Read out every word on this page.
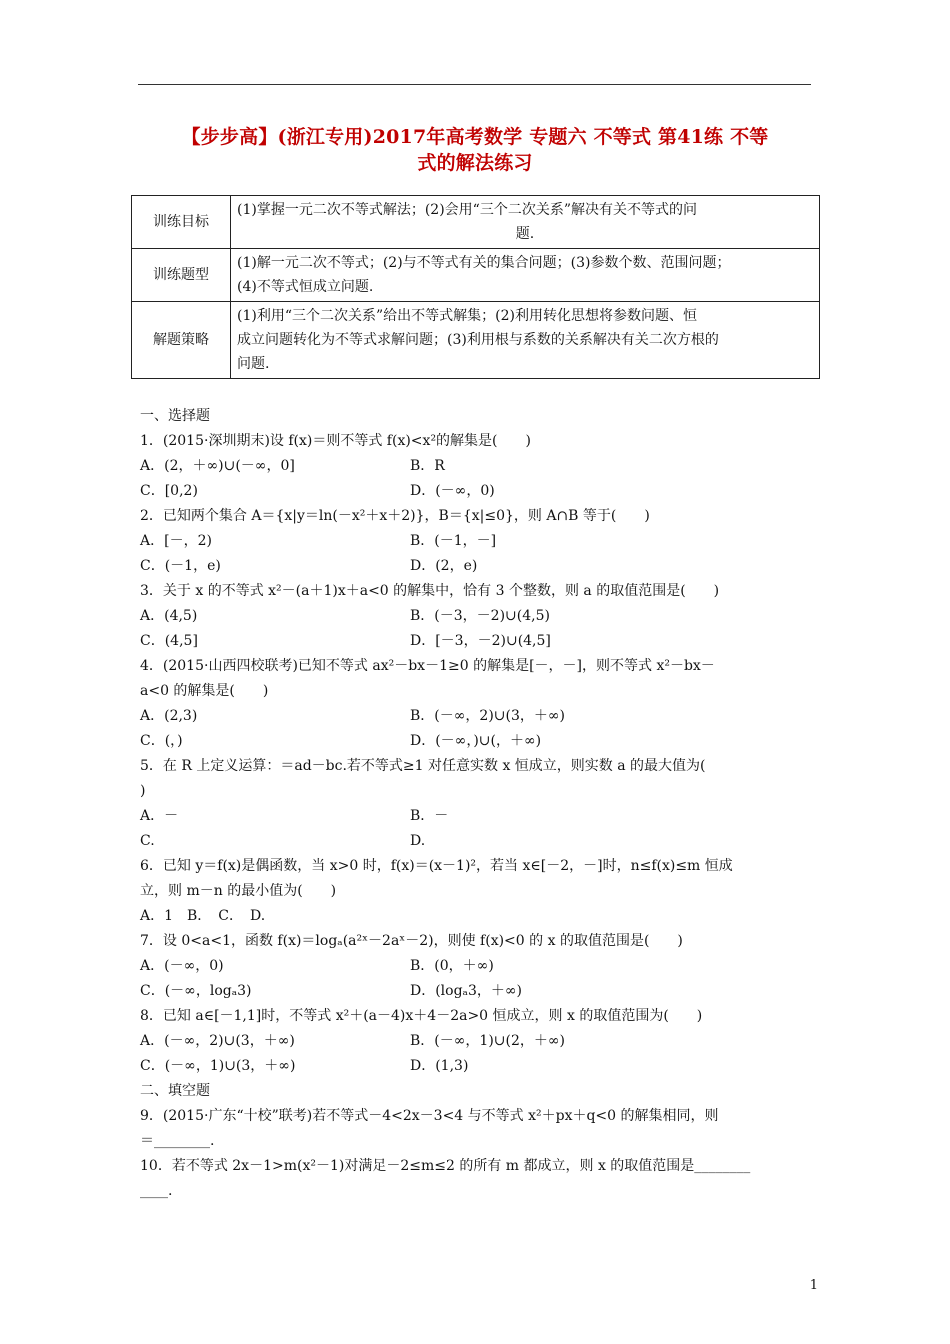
【步步高】(浙江专用)2017年高考数学 专题六 不等式 第41练 不等
式的解法练习
训练目标	(1)掌握一元二次不等式解法；(2)会用“三个二次关系”解决有关不等式的问
题.

训练题型	(1)解一元二次不等式；(2)与不等式有关的集合问题；(3)参数个数、范围问题；
(4)不等式恒成立问题.

解题策略	(1)利用“三个二次关系”给出不等式解集；(2)利用转化思想将参数问题、恒
成立问题转化为不等式求解问题；(3)利用根与系数的关系解决有关二次方根的
问题.
一、选择题
1．(2015·深圳期末)设 f(x)＝则不等式 f(x)<x²的解集是(　　)
A．(2，＋∞)∪(－∞，0]	B．R
C．[0,2)	D．(－∞，0)
2．已知两个集合 A＝{x|y＝ln(－x²＋x＋2)}，B＝{x|≤0}，则 A∩B 等于(　　)
A．[－，2)	B．(－1，－]
C．(－1，e)	D．(2，e)
3．关于 x 的不等式 x²－(a＋1)x＋a<0 的解集中，恰有 3 个整数，则 a 的取值范围是(　　)
A．(4,5)	B．(－3，－2)∪(4,5)
C．(4,5]	D．[－3，－2)∪(4,5]
4．(2015·山西四校联考)已知不等式 ax²－bx－1≥0 的解集是[－，－]，则不等式 x²－bx－
a<0 的解集是(　　)
A．(2,3)	B．(－∞，2)∪(3，＋∞)
C．(，)	D．(－∞，)∪(，＋∞)
5．在 R 上定义运算：＝ad－bc.若不等式≥1 对任意实数 x 恒成立，则实数 a 的最大值为(
)
A．－	B．－
C.	D.
6．已知 y＝f(x)是偶函数，当 x>0 时，f(x)＝(x－1)²，若当 x∈[－2，－]时，n≤f(x)≤m 恒成
立，则 m－n 的最小值为(　　)
A．1　B．　C．　D.
7．设 0<a<1，函数 f(x)＝logₐ(a²ˣ－2aˣ－2)，则使 f(x)<0 的 x 的取值范围是(　　)
A．(－∞，0)	B．(0，＋∞)
C．(－∞，logₐ3)	D．(logₐ3，＋∞)
8．已知 a∈[－1,1]时，不等式 x²＋(a－4)x＋4－2a>0 恒成立，则 x 的取值范围为(　　)
A．(－∞，2)∪(3，＋∞)	B．(－∞，1)∪(2，＋∞)
C．(－∞，1)∪(3，＋∞)	D．(1,3)
二、填空题
9．(2015·广东“十校”联考)若不等式－4<2x－3<4 与不等式 x²＋px＋q<0 的解集相同，则
＝________.
10．若不等式 2x－1>m(x²－1)对满足－2≤m≤2 的所有 m 都成立，则 x 的取值范围是________
____.
1
